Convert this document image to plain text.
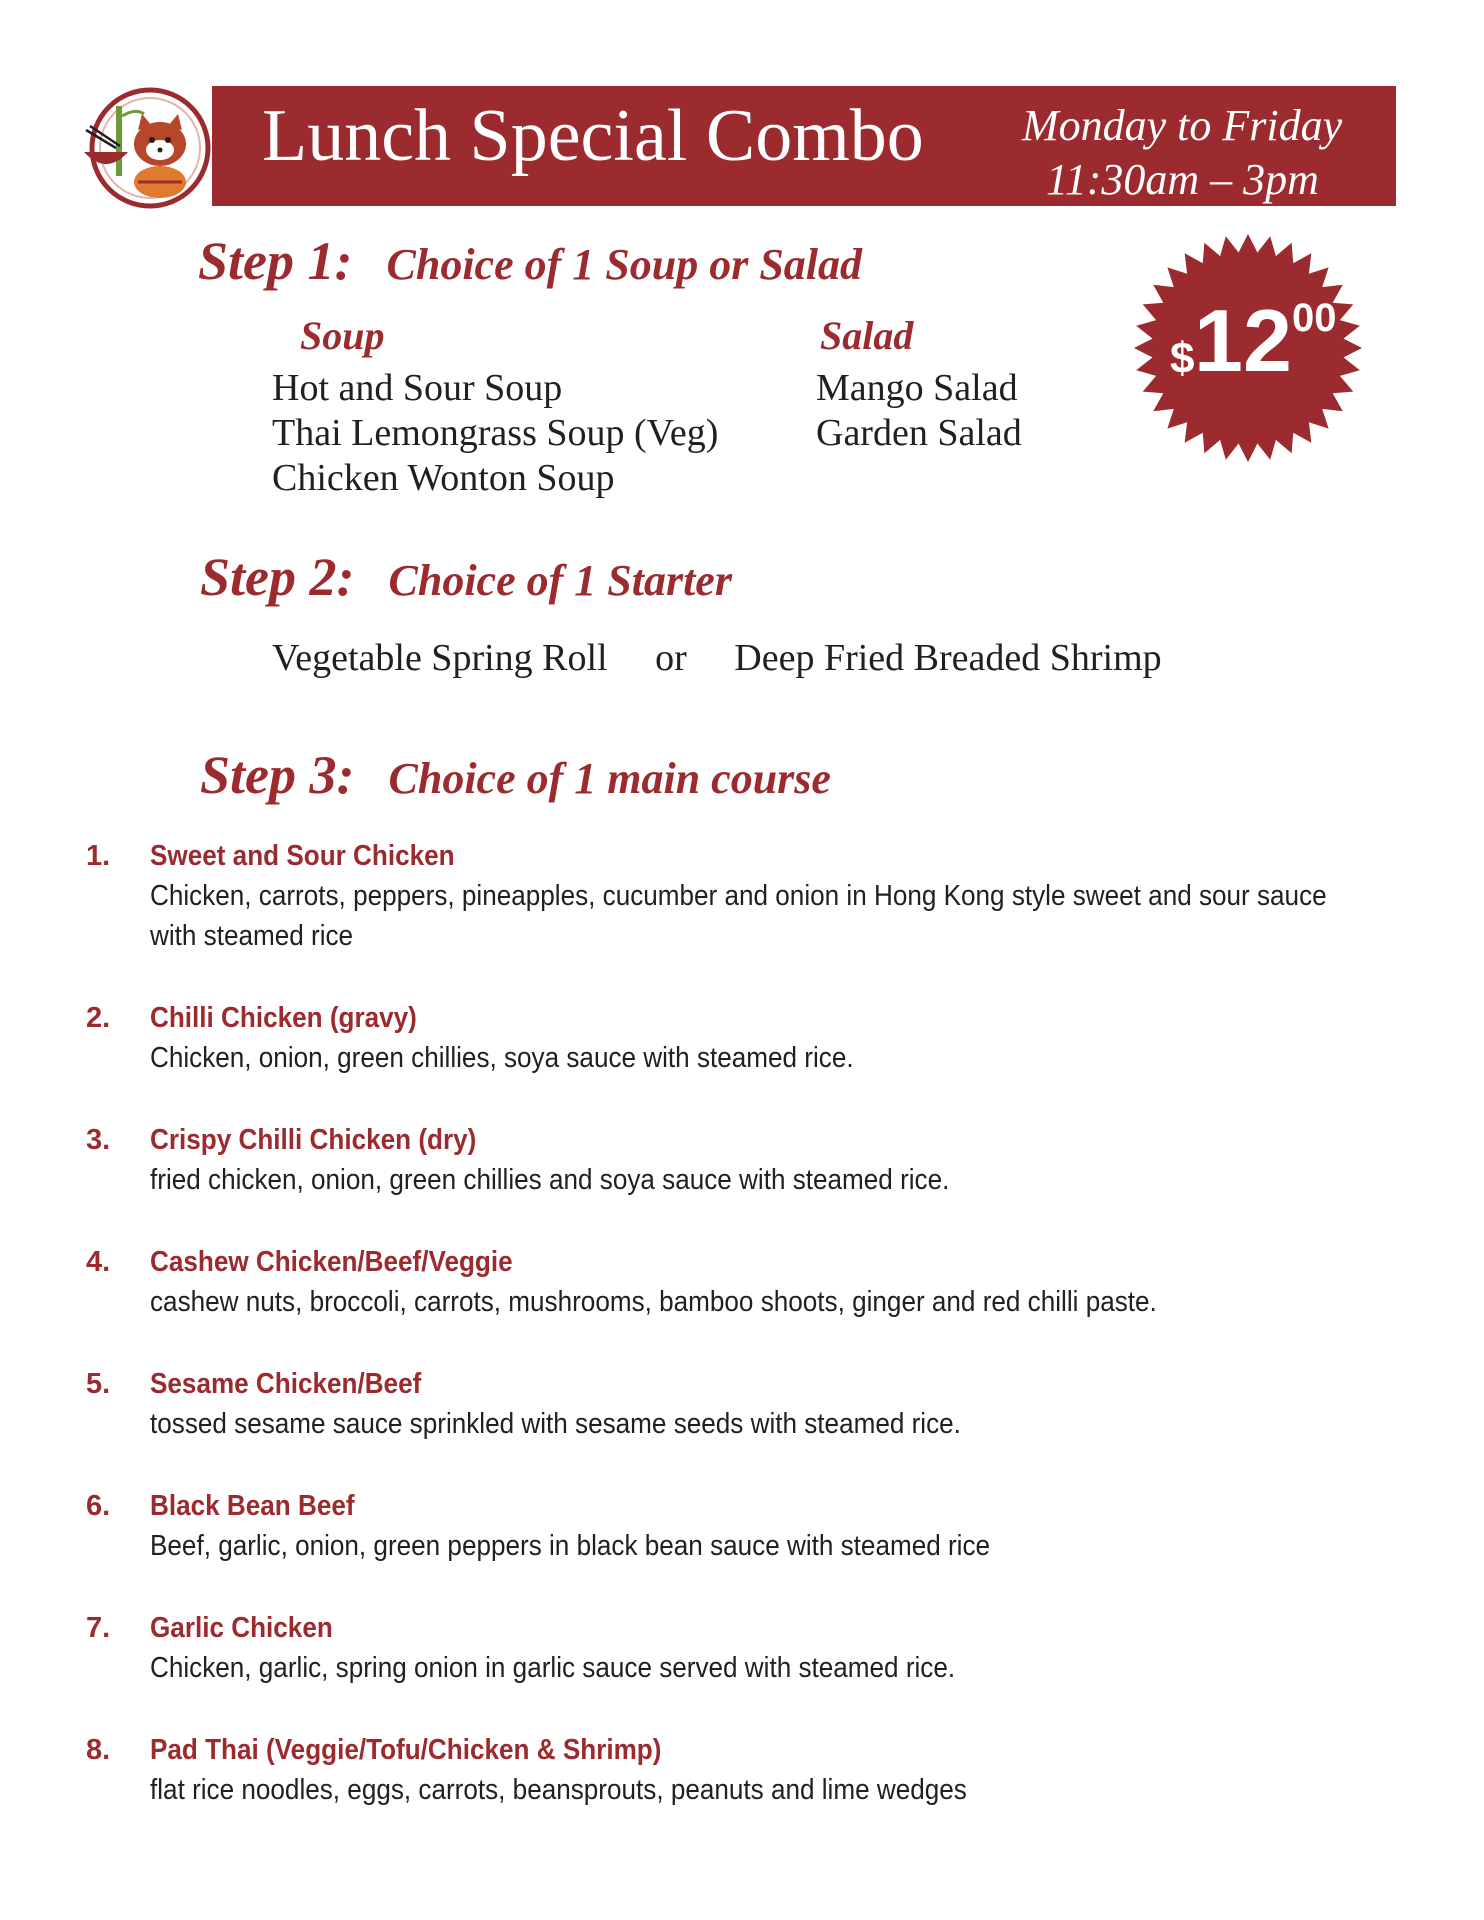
Lunch Special Combo Monday to Friday
11:30am – 3pm
$ 12 00
Step 1: Choice of 1 Soup or Salad
Soup	Salad
Hot and Sour Soup
Thai Lemongrass Soup (Veg)
Chicken Wonton Soup
Mango Salad
Garden Salad
Step 2: Choice of 1 Starter
Vegetable Spring Roll or Deep Fried Breaded Shrimp
Step 3: Choice of 1 main course
1. Sweet and Sour Chicken
Chicken, carrots, peppers, pineapples, cucumber and onion in Hong Kong style sweet and sour sauce with steamed rice
2. Chilli Chicken (gravy)
Chicken, onion, green chillies, soya sauce with steamed rice.
3. Crispy Chilli Chicken (dry)
fried chicken, onion, green chillies and soya sauce with steamed rice.
4. Cashew Chicken/Beef/Veggie
cashew nuts, broccoli, carrots, mushrooms, bamboo shoots, ginger and red chilli paste.
5. Sesame Chicken/Beef
tossed sesame sauce sprinkled with sesame seeds with steamed rice.
6. Black Bean Beef
Beef, garlic, onion, green peppers in black bean sauce with steamed rice
7. Garlic Chicken
Chicken, garlic, spring onion in garlic sauce served with steamed rice.
8. Pad Thai (Veggie/Tofu/Chicken & Shrimp)
flat rice noodles, eggs, carrots, beansprouts, peanuts and lime wedges
